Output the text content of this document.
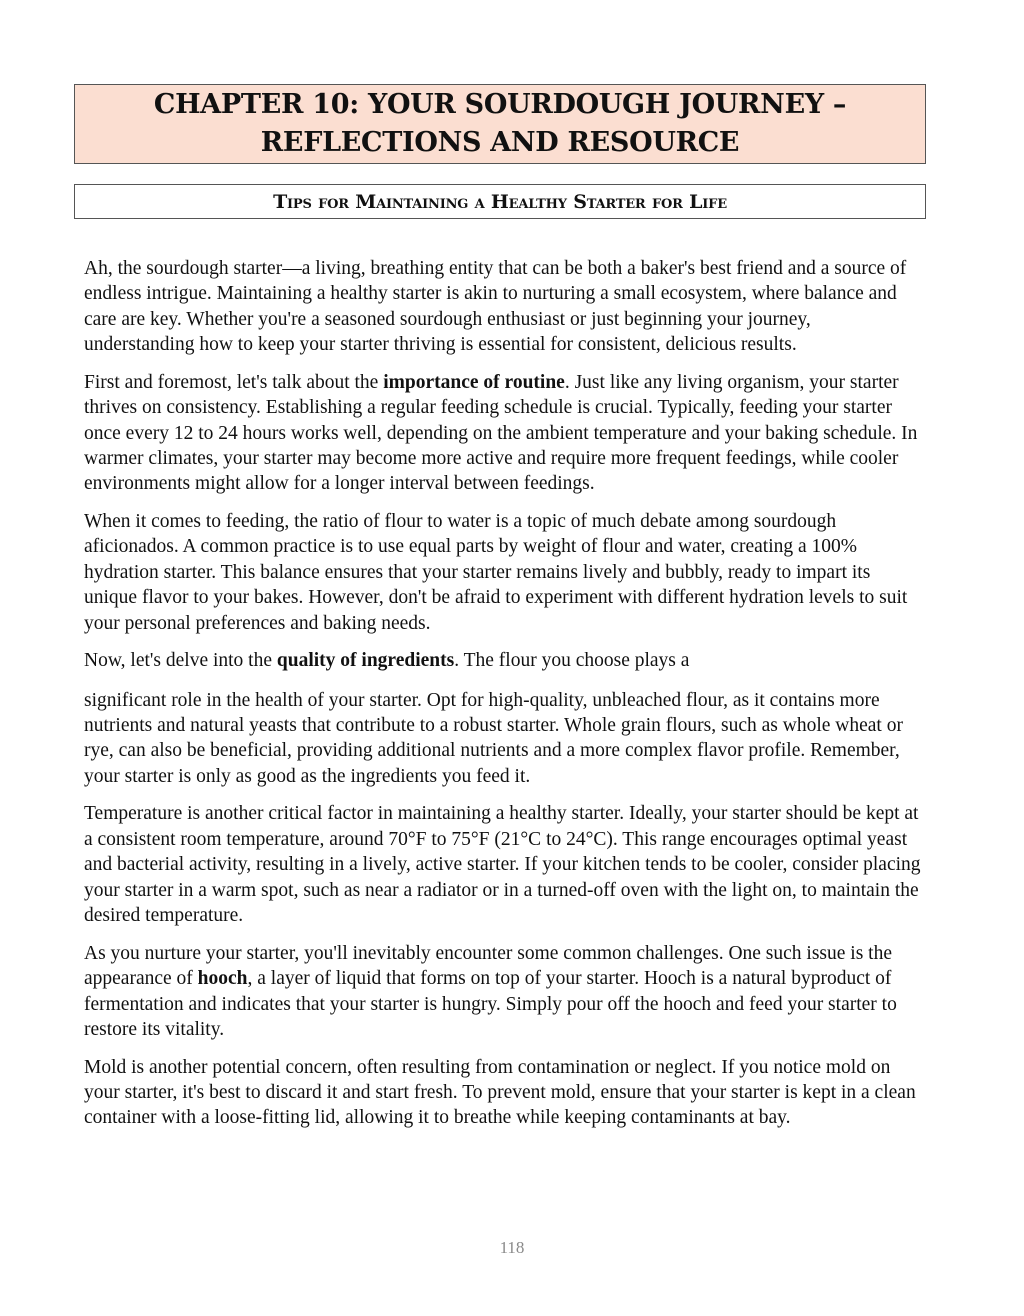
CHAPTER 10: YOUR SOURDOUGH JOURNEY –
REFLECTIONS AND RESOURCE
Tips for Maintaining a Healthy Starter for Life

Ah, the sourdough starter—a living, breathing entity that can be both a baker's best friend and a source of endless intrigue. Maintaining a healthy starter is akin to nurturing a small ecosystem, where balance and care are key. Whether you're a seasoned sourdough enthusiast or just beginning your journey, understanding how to keep your starter thriving is essential for consistent, delicious results.

First and foremost, let's talk about the importance of routine. Just like any living organism, your starter thrives on consistency. Establishing a regular feeding schedule is crucial. Typically, feeding your starter once every 12 to 24 hours works well, depending on the ambient temperature and your baking schedule. In warmer climates, your starter may become more active and require more frequent feedings, while cooler environments might allow for a longer interval between feedings.

When it comes to feeding, the ratio of flour to water is a topic of much debate among sourdough aficionados. A common practice is to use equal parts by weight of flour and water, creating a 100% hydration starter. This balance ensures that your starter remains lively and bubbly, ready to impart its unique flavor to your bakes. However, don't be afraid to experiment with different hydration levels to suit your personal preferences and baking needs.

Now, let's delve into the quality of ingredients. The flour you choose plays a

significant role in the health of your starter. Opt for high-quality, unbleached flour, as it contains more nutrients and natural yeasts that contribute to a robust starter. Whole grain flours, such as whole wheat or rye, can also be beneficial, providing additional nutrients and a more complex flavor profile. Remember, your starter is only as good as the ingredients you feed it.

Temperature is another critical factor in maintaining a healthy starter. Ideally, your starter should be kept at a consistent room temperature, around 70°F to 75°F (21°C to 24°C). This range encourages optimal yeast and bacterial activity, resulting in a lively, active starter. If your kitchen tends to be cooler, consider placing your starter in a warm spot, such as near a radiator or in a turned-off oven with the light on, to maintain the desired temperature.

As you nurture your starter, you'll inevitably encounter some common challenges. One such issue is the appearance of hooch, a layer of liquid that forms on top of your starter. Hooch is a natural byproduct of fermentation and indicates that your starter is hungry. Simply pour off the hooch and feed your starter to restore its vitality.

Mold is another potential concern, often resulting from contamination or neglect. If you notice mold on your starter, it's best to discard it and start fresh. To prevent mold, ensure that your starter is kept in a clean container with a loose-fitting lid, allowing it to breathe while keeping contaminants at bay.

118
